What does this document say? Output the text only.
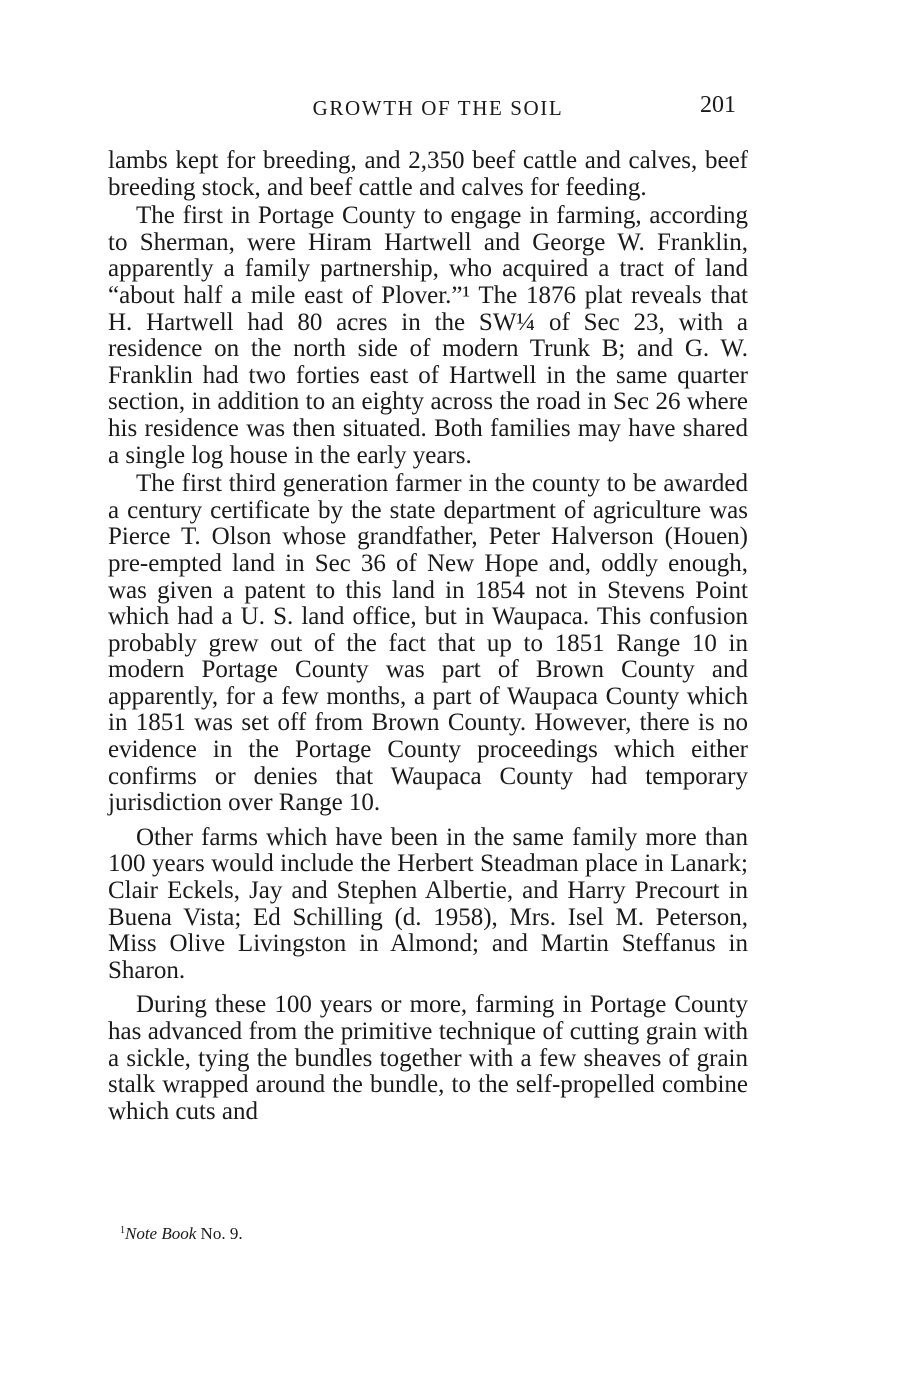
GROWTH OF THE SOIL	201

lambs kept for breeding, and 2,350 beef cattle and calves, beef breeding stock, and beef cattle and calves for feeding.

The first in Portage County to engage in farming, according to Sherman, were Hiram Hartwell and George W. Franklin, apparently a family partnership, who acquired a tract of land “about half a mile east of Plover.”¹ The 1876 plat reveals that H. Hartwell had 80 acres in the SW¼ of Sec 23, with a residence on the north side of modern Trunk B; and G. W. Franklin had two forties east of Hartwell in the same quarter section, in addition to an eighty across the road in Sec 26 where his residence was then situated. Both families may have shared a single log house in the early years.

The first third generation farmer in the county to be awarded a century certificate by the state department of agriculture was Pierce T. Olson whose grandfather, Peter Halverson (Houen) pre-empted land in Sec 36 of New Hope and, oddly enough, was given a patent to this land in 1854 not in Stevens Point which had a U. S. land office, but in Waupaca. This confusion probably grew out of the fact that up to 1851 Range 10 in modern Portage County was part of Brown County and apparently, for a few months, a part of Waupaca County which in 1851 was set off from Brown County. However, there is no evidence in the Portage County proceedings which either confirms or denies that Waupaca County had temporary jurisdiction over Range 10.

Other farms which have been in the same family more than 100 years would include the Herbert Steadman place in Lanark; Clair Eckels, Jay and Stephen Albertie, and Harry Precourt in Buena Vista; Ed Schilling (d. 1958), Mrs. Isel M. Peterson, Miss Olive Livingston in Almond; and Martin Steffanus in Sharon.

During these 100 years or more, farming in Portage County has advanced from the primitive technique of cutting grain with a sickle, tying the bundles together with a few sheaves of grain stalk wrapped around the bundle, to the self-propelled combine which cuts and

$^1$Note Book No. 9.
